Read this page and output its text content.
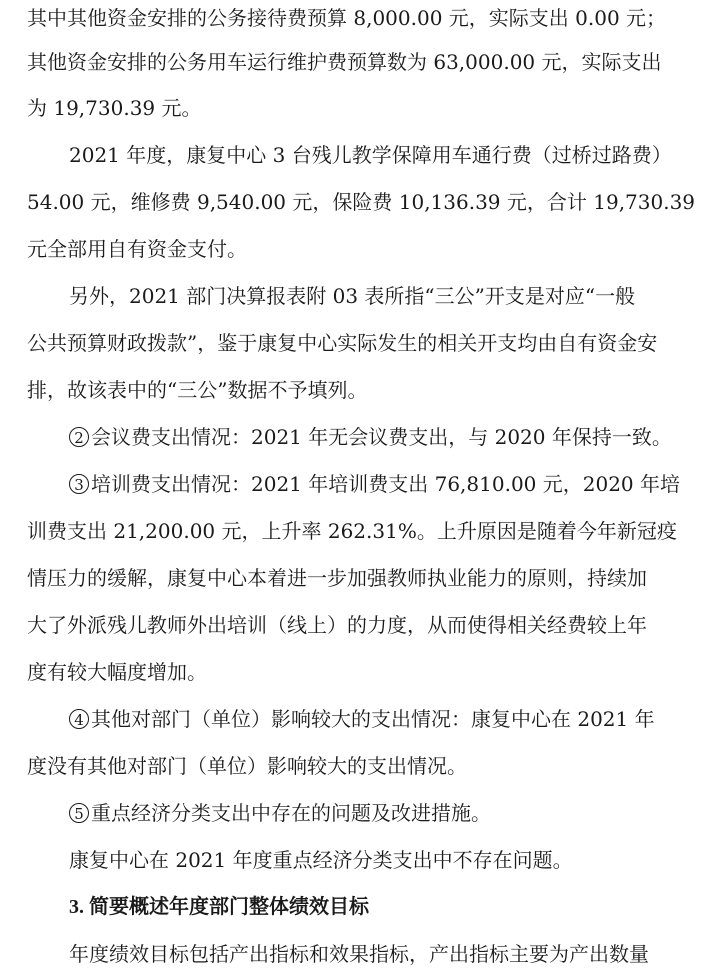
其中其他资金安排的公务接待费预算 8,000.00 元，实际支出 0.00 元；
其他资金安排的公务用车运行维护费预算数为 63,000.00 元，实际支出
为 19,730.39 元。
2021 年度，康复中心 3 台残儿教学保障用车通行费（过桥过路费）
54.00 元，维修费 9,540.00 元，保险费 10,136.39 元，合计 19,730.39
元全部用自有资金支付。
另外，2021 部门决算报表附 03 表所指“三公”开支是对应“一般
公共预算财政拨款”，鉴于康复中心实际发生的相关开支均由自有资金安
排，故该表中的“三公”数据不予填列。
2 会议费支出情况：2021 年无会议费支出，与 2020 年保持一致。
3 培训费支出情况：2021 年培训费支出 76,810.00 元，2020 年培
训费支出 21,200.00 元，上升率 262.31%。上升原因是随着今年新冠疫
情压力的缓解，康复中心本着进一步加强教师执业能力的原则，持续加
大了外派残儿教师外出培训（线上）的力度，从而使得相关经费较上年
度有较大幅度增加。
4 其他对部门（单位）影响较大的支出情况：康复中心在 2021 年
度没有其他对部门（单位）影响较大的支出情况。
5 重点经济分类支出中存在的问题及改进措施。
康复中心在 2021 年度重点经济分类支出中不存在问题。
3. 简要概述年度部门整体绩效目标
年度绩效目标包括产出指标和效果指标，产出指标主要为产出数量
